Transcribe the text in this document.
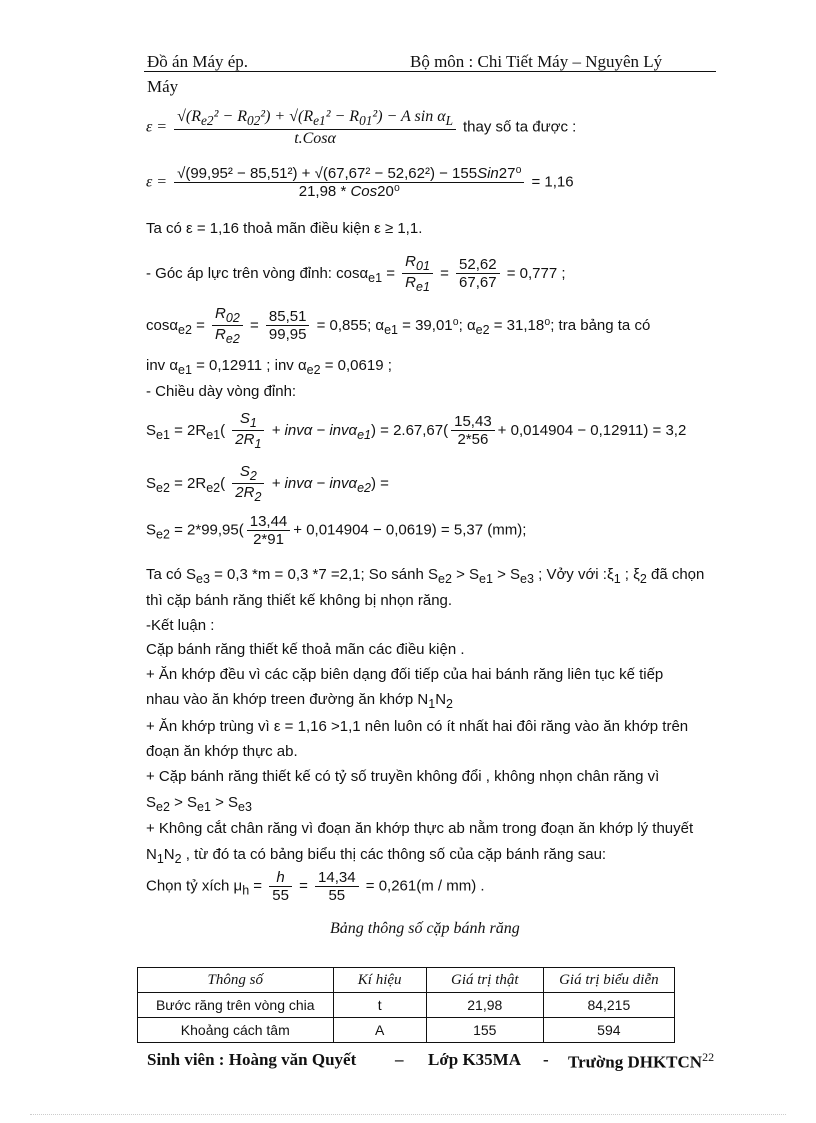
Đồ án Máy ép.	Bộ môn : Chi Tiết Máy – Nguyên Lý
Máy
$\varepsilon = \frac{√(R_{e2}^2 - R_{02}^2) + √(R_{e1}^2 - R_{01}^2) - A \sin \alpha_L}{\text{t.Cosα}}$ thay số ta được :
$\varepsilon = \frac{\text{√(99,95² − 85,51²) + √(67,67² − 52,62²) − 155Sin27⁰}}{\text{21,98 * Cos20⁰}} = 1,16$
Ta có ε = 1,16 thoả mãn điều kiện ε ≥ 1,1.
- Góc áp lực trên vòng đỉnh: $\cos\alpha_{e1} = \frac{R_{01}}{R_{e1}} = \frac{52,62}{67,67} = 0,777$ ;
$\cos\alpha_{e2} = \frac{R_{02}}{R_{e2}} = \frac{85,51}{99,95} = 0,855$; $\alpha_{e1} = 39,01^0$; $\alpha_{e2} = 31,18^0$; tra bảng ta có
inv $\alpha_{e1} = 0,12911$ ; inv $\alpha_{e2} = 0,0619$ ;
- Chiều dày vòng đỉnh:
$S_{e1} = 2R_{e1}( \frac{S_1}{2R_1} + inv\alpha - inv\alpha_{e1}) = 2.67,67( \frac{15,43}{2*56} + 0,014904 - 0,12911) = 3,2$
$S_{e2} = 2R_{e2}( \frac{S_2}{2R_2} + inv\alpha - inv\alpha_{e2})$ =
$S_{e2} = 2*99,95( \frac{13,44}{2*91} + 0,014904 - 0,0619) = 5,37$ (mm);
Ta có $S_{e3} = 0,3$ *m = 0,3 *7 =2,1; So sánh $S_{e2} > S_{e1} > S_{e3}$ ; Vởy với $:\xi_1$ ; $\xi_2$ đã chọn
thì cặp bánh răng thiết kế không bị nhọn răng.
-Kết luận :
Cặp bánh răng thiết kế thoả mãn các điều kiện .
+ Ăn khớp đều vì các cặp biên dạng đối tiếp của hai bánh răng liên tục kế tiếp
nhau vào ăn khớp treen đường ăn khớp $N_1N_2$
+ Ăn khớp trùng vì ε = 1,16 >1,1 nên luôn có ít nhất hai đôi răng vào ăn khớp trên
đoạn ăn khớp thực ab.
+ Cặp bánh răng thiết kế có tỷ số truyền không đổi , không nhọn chân răng vì
$S_{e2} > S_{e1} > S_{e3}$
+ Không cắt chân răng vì đoạn ăn khớp thực ab nằm trong đoạn ăn khớp lý thuyết
$N_1N_2$ , từ đó ta có bảng biểu thị các thông số của cặp bánh răng sau:
Chọn tỷ xích $\mu_h = \frac{h}{55} = \frac{14,34}{55} = 0,261(m / mm)$ .
Bảng thông số cặp bánh răng
Thông số	Kí hiệu	Giá trị thật	Giá trị biểu diễn
Bước răng trên vòng chia	t	21,98	84,215
Khoảng cách tâm	A	155	594
Sinh viên : Hoàng văn Quyết – Lớp K35MA - Trường DHKTCN$^{22}$
